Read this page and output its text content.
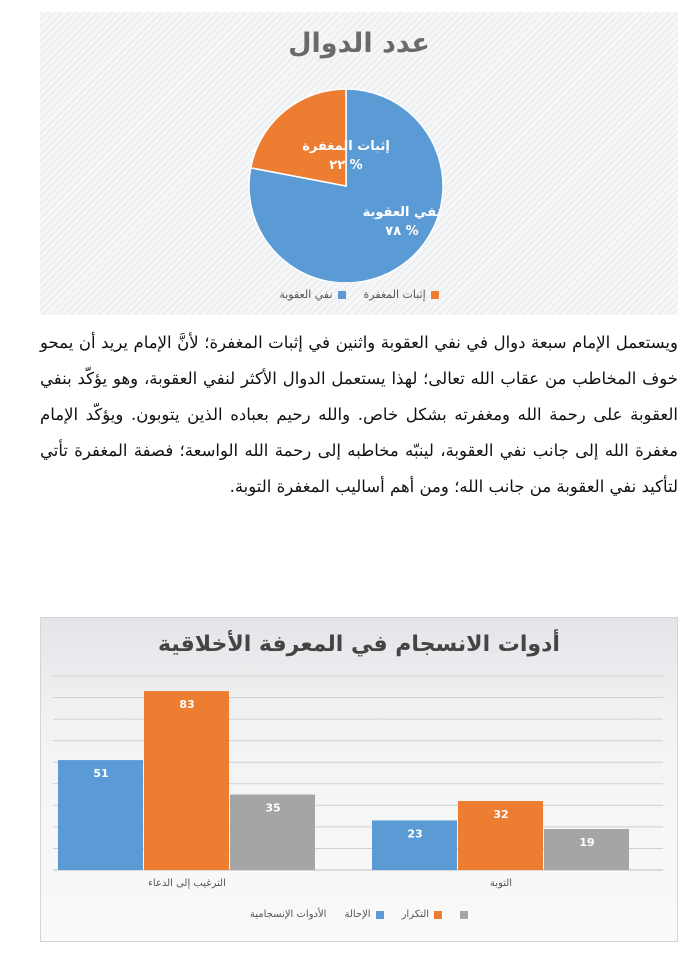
عدد الدوال
نفي العقوبة
٧٨ %
إثبات المغفرة
٢٢ %
نفي العقوبة	إثبات المغفرة

ويستعمل الإمام سبعة دوال في نفي العقوبة واثنين في إثبات المغفرة؛ لأنَّ الإمام يريد أن يمحو خوف المخاطب من عقاب الله تعالى؛ لهذا يستعمل الدوال الأكثر لنفي العقوبة، وهو يؤكّد بنفي العقوبة على رحمة الله ومغفرته بشكل خاص. والله رحيم بعباده الذين يتوبون. ويؤكّد الإمام مغفرة الله إلى جانب نفي العقوبة، لينبّه مخاطبه إلى رحمة الله الواسعة؛ فصفة المغفرة تأتي لتأكيد نفي العقوبة من جانب الله؛ ومن أهم أساليب المغفرة التوبة.

أدوات الانسجام في المعرفة الأخلاقية
51
83
35
الترغيب إلى الدعاء
23
32
19
التوبة
الأدوات الإنسجامية الإحالة	التكرار
